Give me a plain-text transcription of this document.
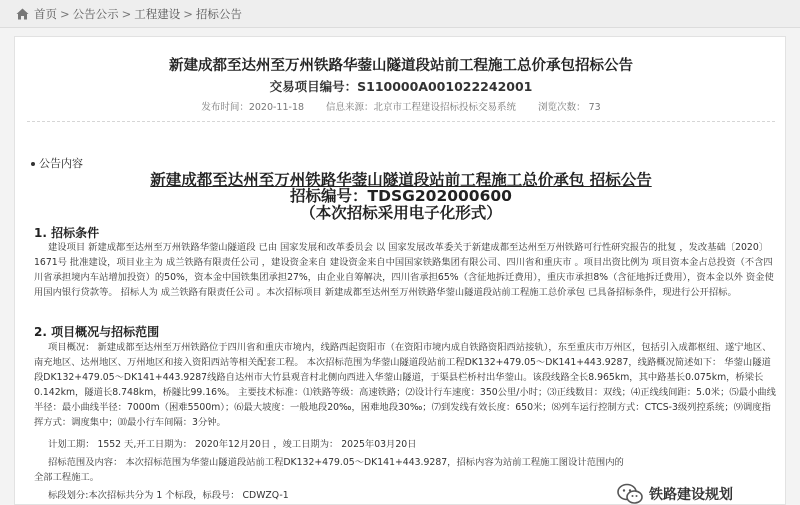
首页 > 公告公示 > 工程建设 > 招标公告
新建成都至达州至万州铁路华蓥山隧道段站前工程施工总价承包招标公告
交易项目编号：S110000A001022242001
发布时间：2020-11-18 信息来源：北京市工程建设招标投标交易系统 浏览次数： 73
公告内容
新建成都至达州至万州铁路华蓥山隧道段站前工程施工总价承包 招标公告
招标编号：TDSG202000600
（本次招标采用电子化形式）
1. 招标条件
建设项目 新建成都至达州至万州铁路华蓥山隧道段 已由 国家发展和改革委员会 以 国家发展改革委关于新建成都至达州至万州铁路可行性研究报告的批复 ，发改基础〔2020〕1671号 批准建设，项目业主为 成兰铁路有限责任公司 ，建设资金来自 建设资金来自中国国家铁路集团有限公司、四川省和重庆市 。项目出资比例为 项目资本金占总投资（不含四川省承担境内车站增加投资）的50%，资本金中国铁集团承担27%，由企业自筹解决，四川省承担65%（含征地拆迁费用），重庆市承担8%（含征地拆迁费用），资本金以外 资金使用国内银行贷款等。 招标人为 成兰铁路有限责任公司 。本次招标项目 新建成都至达州至万州铁路华蓥山隧道段站前工程施工总价承包 已具备招标条件，现进行公开招标。
2. 项目概况与招标范围
项目概况： 新建成都至达州至万州铁路位于四川省和重庆市境内，线路西起资阳市（在资阳市境内成自铁路资阳西站接轨），东至重庆市万州区，包括引入成都枢纽、遂宁地区、南充地区、达州地区、万州地区和接入资阳西站等相关配套工程。 本次招标范围为华蓥山隧道段站前工程DK132+479.05～DK141+443.9287，线路概况简述如下： 华蓥山隧道段DK132+479.05～DK141+443.9287线路自达州市大竹县观音村北侧向西进入华蓥山隧道，于渠县栏桥村出华蓥山。该段线路全长8.965km，其中路基长0.075km，桥梁长0.142km，隧道长8.748km，桥隧比99.16%。 主要技术标准：⑴铁路等级：高速铁路；⑵设计行车速度：350公里/小时；⑶正线数目：双线；⑷正线线间距：5.0米；⑸最小曲线半径：最小曲线半径：7000m（困难5500m）；⑹最大坡度：一般地段20‰，困难地段30‰；⑺到发线有效长度：650米；⑻列车运行控制方式：CTCS-3级列控系统；⑼调度指挥方式：调度集中；⑽最小行车间隔：3分钟。
计划工期： 1552 天,开工日期为： 2020年12月20日 ，竣工日期为： 2025年03月20日
招标范围及内容： 本次招标范围为华蓥山隧道段站前工程DK132+479.05～DK141+443.9287，招标内容为站前工程施工图设计范围内的
全部工程施工。
标段划分:本次招标共分为 1 个标段，标段号： CDWZQ-1	铁路建设规划
